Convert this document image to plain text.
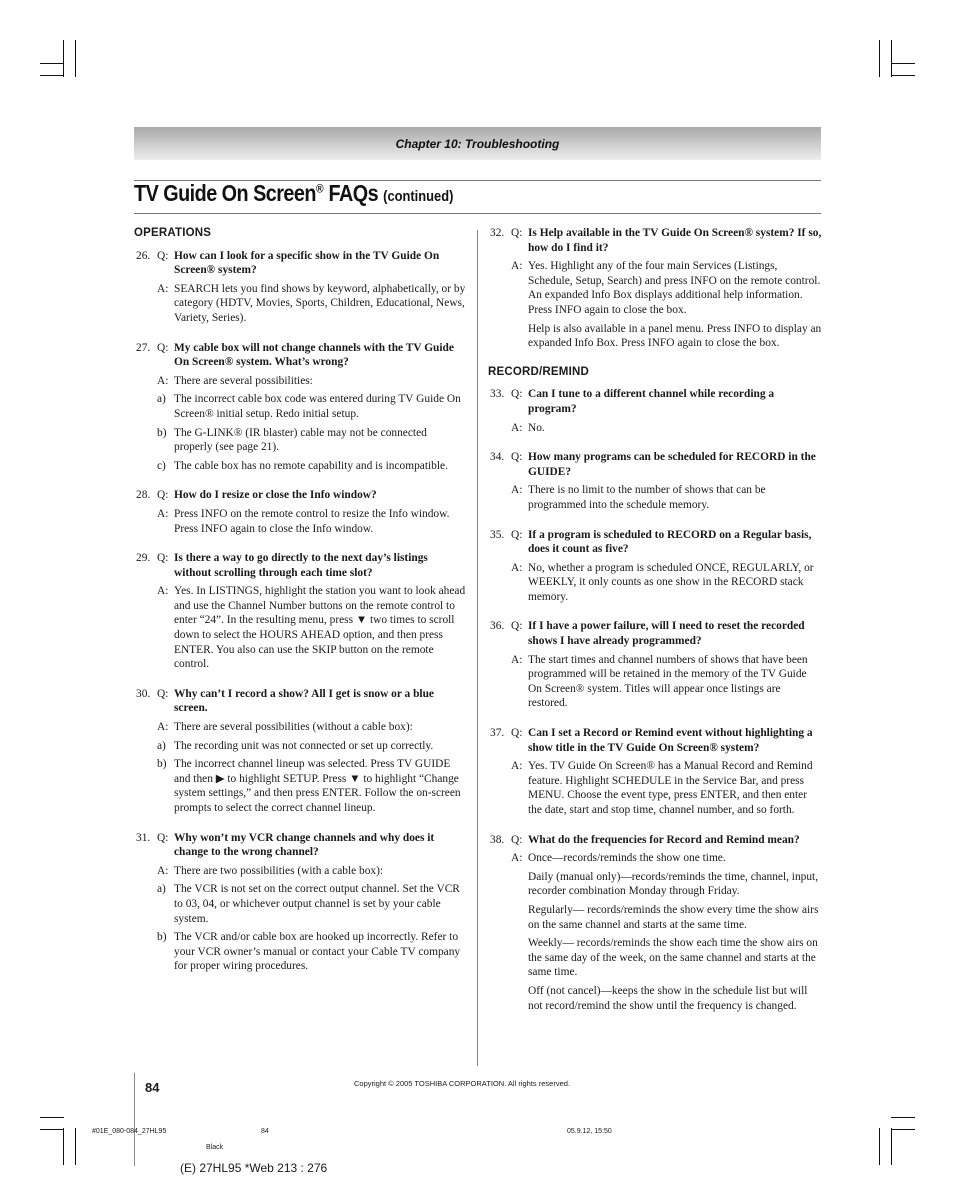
Chapter 10: Troubleshooting
TV Guide On Screen® FAQs (continued)
OPERATIONS
26. Q: How can I look for a specific show in the TV Guide On Screen® system?
A: SEARCH lets you find shows by keyword, alphabetically, or by category (HDTV, Movies, Sports, Children, Educational, News, Variety, Series).
27. Q: My cable box will not change channels with the TV Guide On Screen® system. What’s wrong?
A: There are several possibilities:
a) The incorrect cable box code was entered during TV Guide On Screen® initial setup. Redo initial setup.
b) The G-LINK® (IR blaster) cable may not be connected properly (see page 21).
c) The cable box has no remote capability and is incompatible.
28. Q: How do I resize or close the Info window?
A: Press INFO on the remote control to resize the Info window. Press INFO again to close the Info window.
29. Q: Is there a way to go directly to the next day’s listings without scrolling through each time slot?
A: Yes. In LISTINGS, highlight the station you want to look ahead and use the Channel Number buttons on the remote control to enter “24”. In the resulting menu, press ▼ two times to scroll down to select the HOURS AHEAD option, and then press ENTER. You also can use the SKIP button on the remote control.
30. Q: Why can’t I record a show? All I get is snow or a blue screen.
A: There are several possibilities (without a cable box):
a) The recording unit was not connected or set up correctly.
b) The incorrect channel lineup was selected. Press TV GUIDE and then ▶ to highlight SETUP. Press ▼ to highlight “Change system settings,” and then press ENTER. Follow the on-screen prompts to select the correct channel lineup.
31. Q: Why won’t my VCR change channels and why does it change to the wrong channel?
A: There are two possibilities (with a cable box):
a) The VCR is not set on the correct output channel. Set the VCR to 03, 04, or whichever output channel is set by your cable system.
b) The VCR and/or cable box are hooked up incorrectly. Refer to your VCR owner’s manual or contact your Cable TV company for proper wiring procedures.
32. Q: Is Help available in the TV Guide On Screen® system? If so, how do I find it?
A: Yes. Highlight any of the four main Services (Listings, Schedule, Setup, Search) and press INFO on the remote control. An expanded Info Box displays additional help information. Press INFO again to close the box.
Help is also available in a panel menu. Press INFO to display an expanded Info Box. Press INFO again to close the box.
RECORD/REMIND
33. Q: Can I tune to a different channel while recording a program?
A: No.
34. Q: How many programs can be scheduled for RECORD in the GUIDE?
A: There is no limit to the number of shows that can be programmed into the schedule memory.
35. Q: If a program is scheduled to RECORD on a Regular basis, does it count as five?
A: No, whether a program is scheduled ONCE, REGULARLY, or WEEKLY, it only counts as one show in the RECORD stack memory.
36. Q: If I have a power failure, will I need to reset the recorded shows I have already programmed?
A: The start times and channel numbers of shows that have been programmed will be retained in the memory of the TV Guide On Screen® system. Titles will appear once listings are restored.
37. Q: Can I set a Record or Remind event without highlighting a show title in the TV Guide On Screen® system?
A: Yes. TV Guide On Screen® has a Manual Record and Remind feature. Highlight SCHEDULE in the Service Bar, and press MENU. Choose the event type, press ENTER, and then enter the date, start and stop time, channel number, and so forth.
38. Q: What do the frequencies for Record and Remind mean?
A: Once—records/reminds the show one time.
Daily (manual only)—records/reminds the time, channel, input, recorder combination Monday through Friday.
Regularly— records/reminds the show every time the show airs on the same channel and starts at the same time.
Weekly— records/reminds the show each time the show airs on the same day of the week, on the same channel and starts at the same time.
Off (not cancel)—keeps the show in the schedule list but will not record/remind the show until the frequency is changed.
84	Copyright © 2005 TOSHIBA CORPORATION. All rights reserved.
#01E_080-084_27HL95	84	05.9.12, 15:50
Black
(E) 27HL95 *Web 213 : 276
